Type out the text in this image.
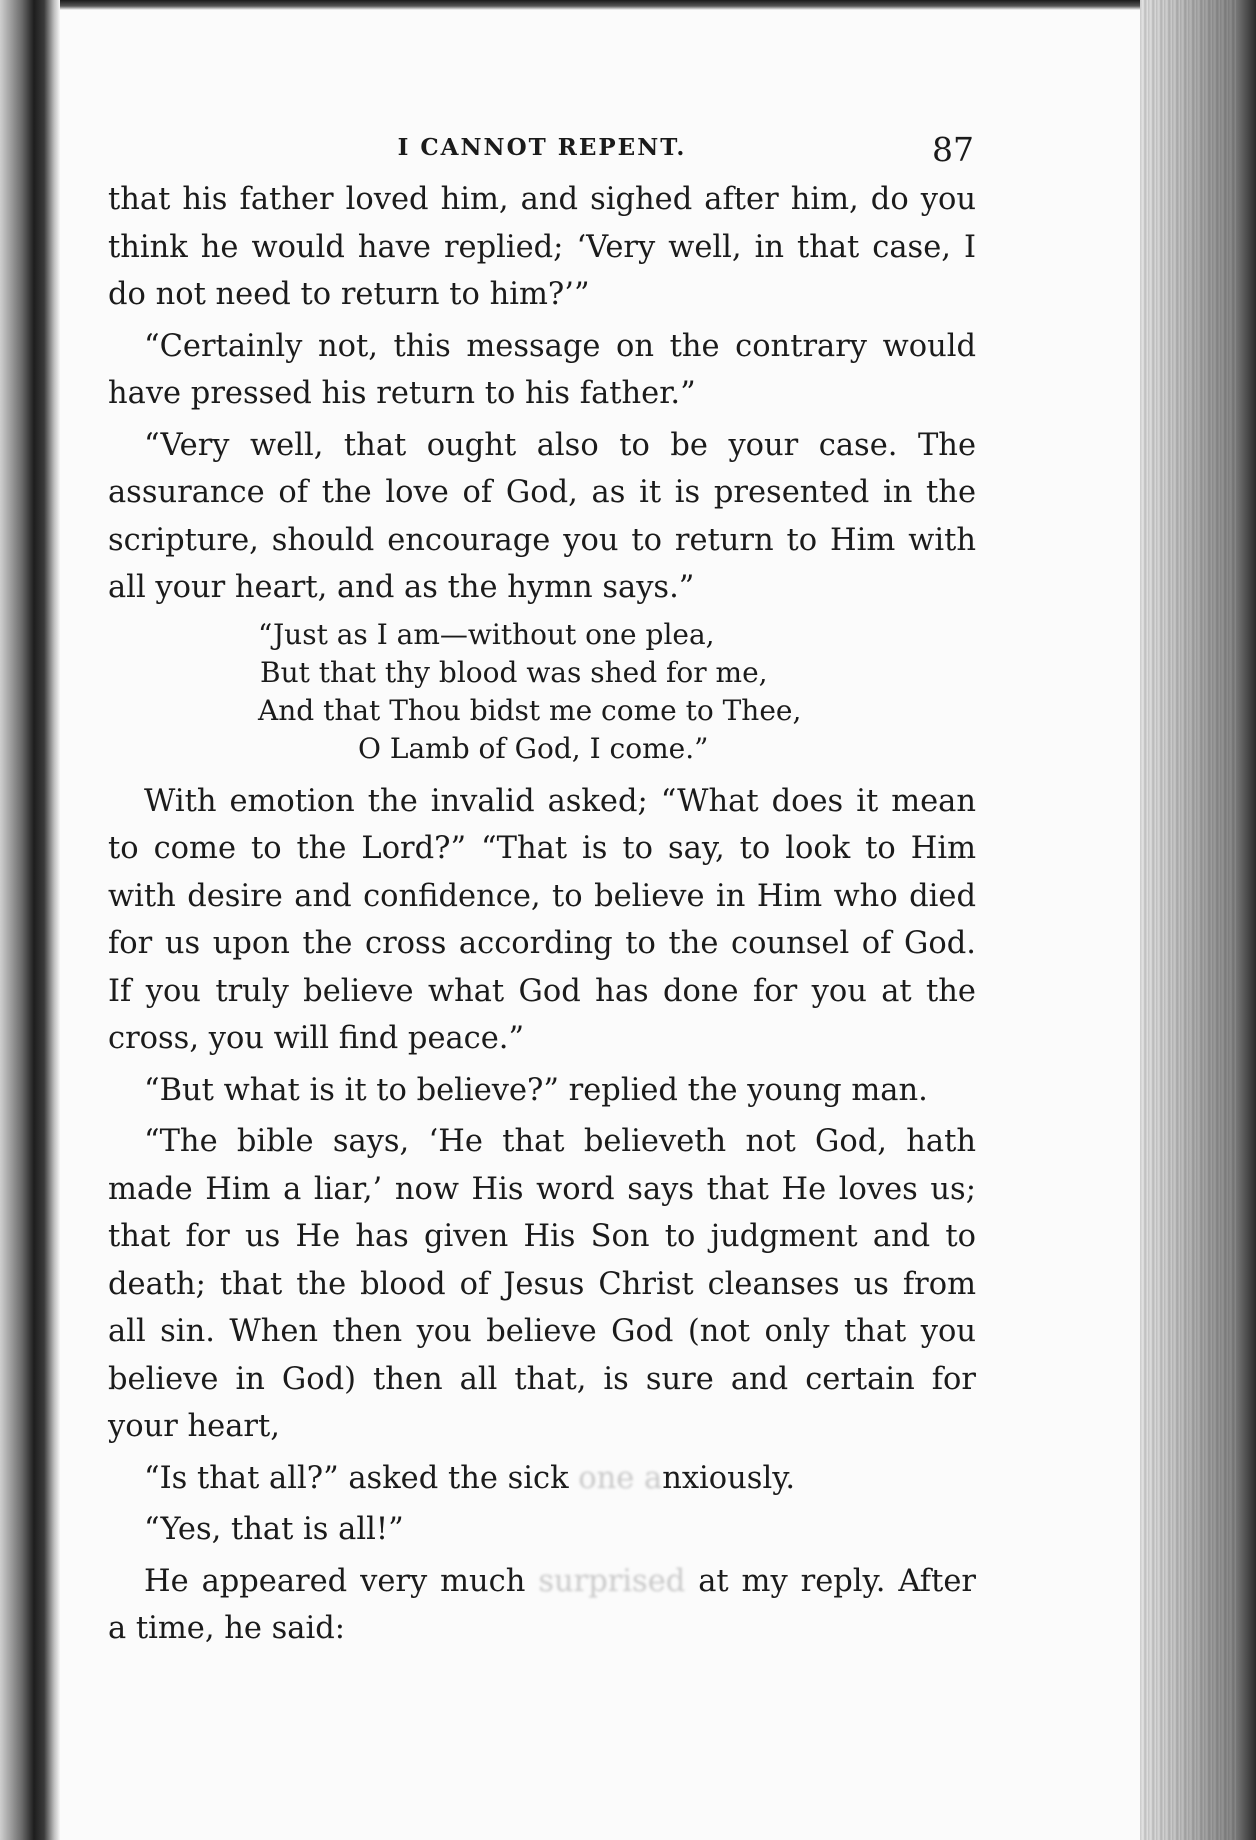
I CANNOT REPENT.	87

that his father loved him, and sighed after him, do you think he would have replied; ‘Very well, in that case, I do not need to return to him?’”

“Certainly not, this message on the contrary would have pressed his return to his father.”

“Very well, that ought also to be your case. The assurance of the love of God, as it is presented in the scripture, should encourage you to return to Him with all your heart, and as the hymn says.”

“Just as I am—without one plea,
But that thy blood was shed for me,
And that Thou bidst me come to Thee,
O Lamb of God, I come.”

With emotion the invalid asked; “What does it mean to come to the Lord?” “That is to say, to look to Him with desire and confidence, to believe in Him who died for us upon the cross according to the counsel of God. If you truly believe what God has done for you at the cross, you will find peace.”

“But what is it to believe?” replied the young man.

“The bible says, ‘He that believeth not God, hath made Him a liar,’ now His word says that He loves us; that for us He has given His Son to judgment and to death; that the blood of Jesus Christ cleanses us from all sin. When then you believe God (not only that you believe in God) then all that, is sure and certain for your heart,

“Is that all?” asked the sick one anxiously.

“Yes, that is all!”

He appeared very much surprised at my reply. After a time, he said:
